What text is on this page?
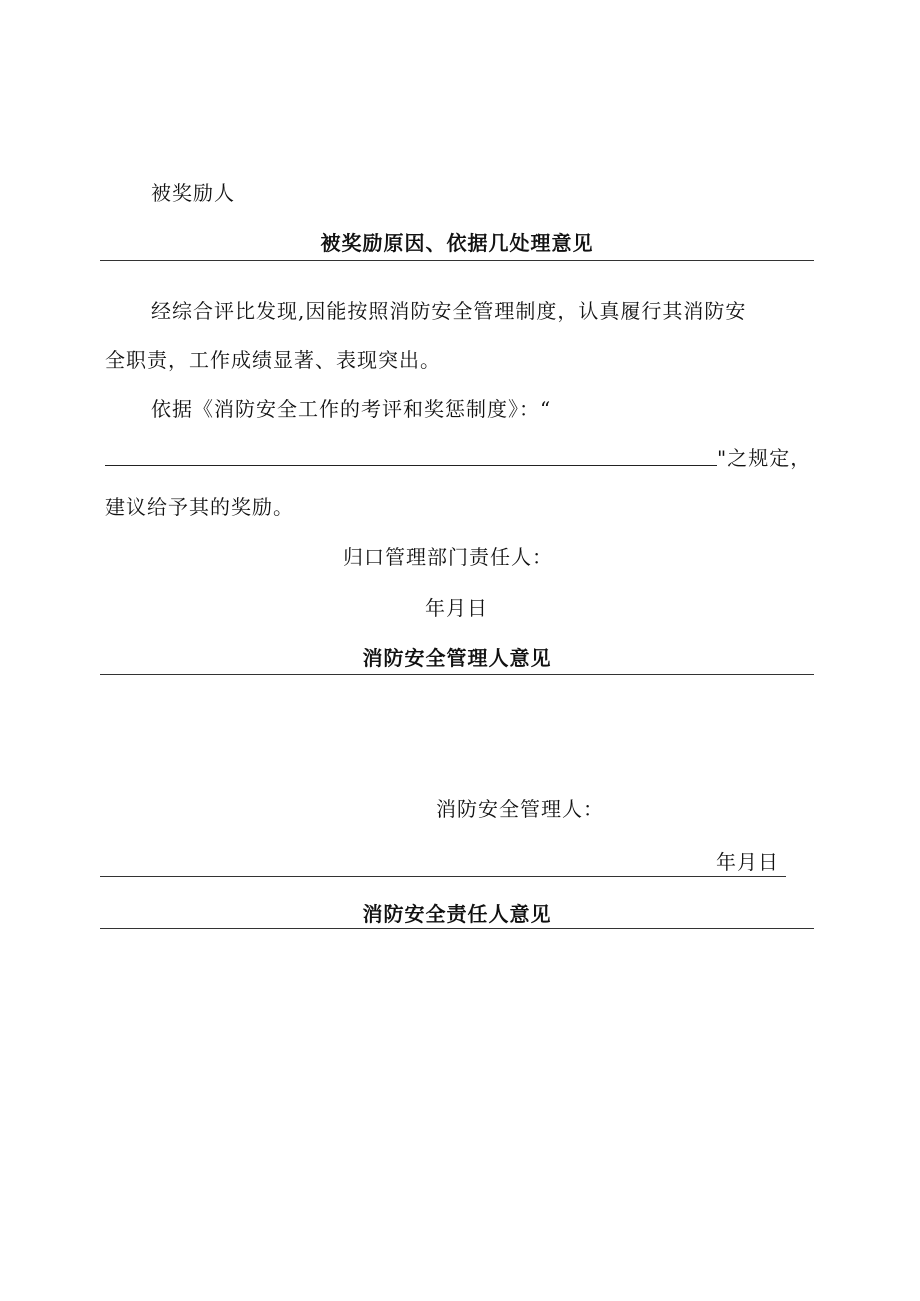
被奖励人
被奖励原因、依据几处理意见
经综合评比发现,因能按照消防安全管理制度，认真履行其消防安
全职责，工作成绩显著、表现突出。
依据《消防安全工作的考评和奖惩制度》：“
"之规定，
建议给予其的奖励。
归口管理部门责任人：
年月日
消防安全管理人意见
消防安全管理人：
年月日
消防安全责任人意见
